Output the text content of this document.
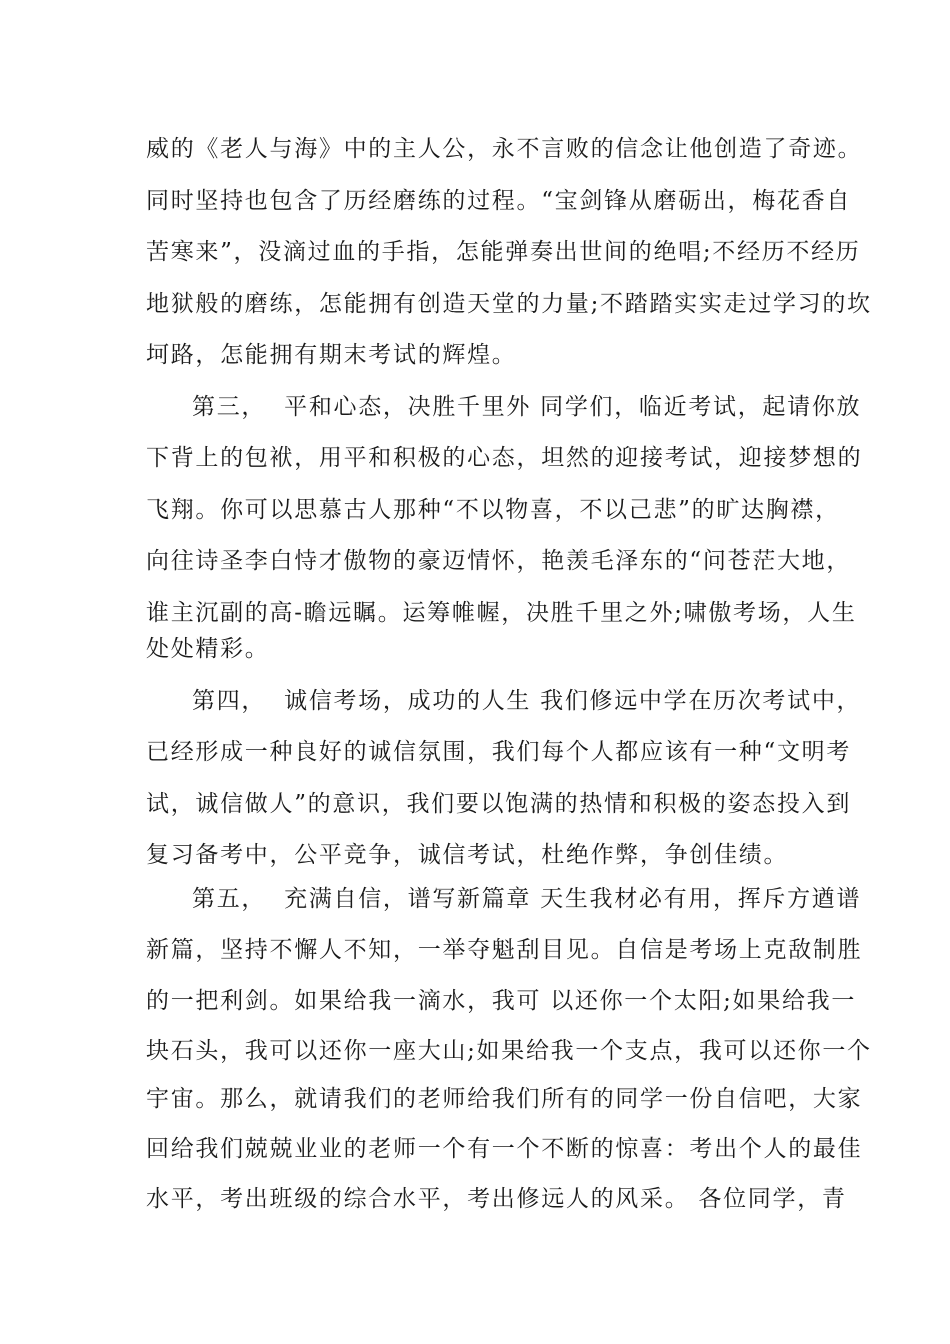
威的《老人与海》中的主人公，永不言败的信念让他创造了奇迹。
同时坚持也包含了历经磨练的过程。“宝剑锋从磨砺出，梅花香自
苦寒来”，没滴过血的手指，怎能弹奏出世间的绝唱;不经历不经历
地狱般的磨练，怎能拥有创造天堂的力量;不踏踏实实走过学习的坎
坷路，怎能拥有期末考试的辉煌。
第三，  平和心态，决胜千里外 同学们，临近考试，起请你放
下背上的包袱，用平和积极的心态，坦然的迎接考试，迎接梦想的
飞翔。你可以思慕古人那种“不以物喜，不以己悲”的旷达胸襟，
向往诗圣李白恃才傲物的豪迈情怀，艳羡毛泽东的“问苍茫大地，
谁主沉副的高-瞻远瞩。运筹帷幄，决胜千里之外;啸傲考场，人生
处处精彩。
第四，  诚信考场，成功的人生 我们修远中学在历次考试中，
已经形成一种良好的诚信氛围，我们每个人都应该有一种“文明考
试，诚信做人”的意识，我们要以饱满的热情和积极的姿态投入到
复习备考中，公平竞争，诚信考试，杜绝作弊，争创佳绩。
第五，  充满自信，谱写新篇章 天生我材必有用，挥斥方遒谱
新篇，坚持不懈人不知，一举夺魁刮目见。自信是考场上克敌制胜
的一把利剑。如果给我一滴水，我可 以还你一个太阳;如果给我一
块石头，我可以还你一座大山;如果给我一个支点，我可以还你一个
宇宙。那么，就请我们的老师给我们所有的同学一份自信吧，大家
回给我们兢兢业业的老师一个有一个不断的惊喜：考出个人的最佳
水平，考出班级的综合水平，考出修远人的风采。 各位同学，青
